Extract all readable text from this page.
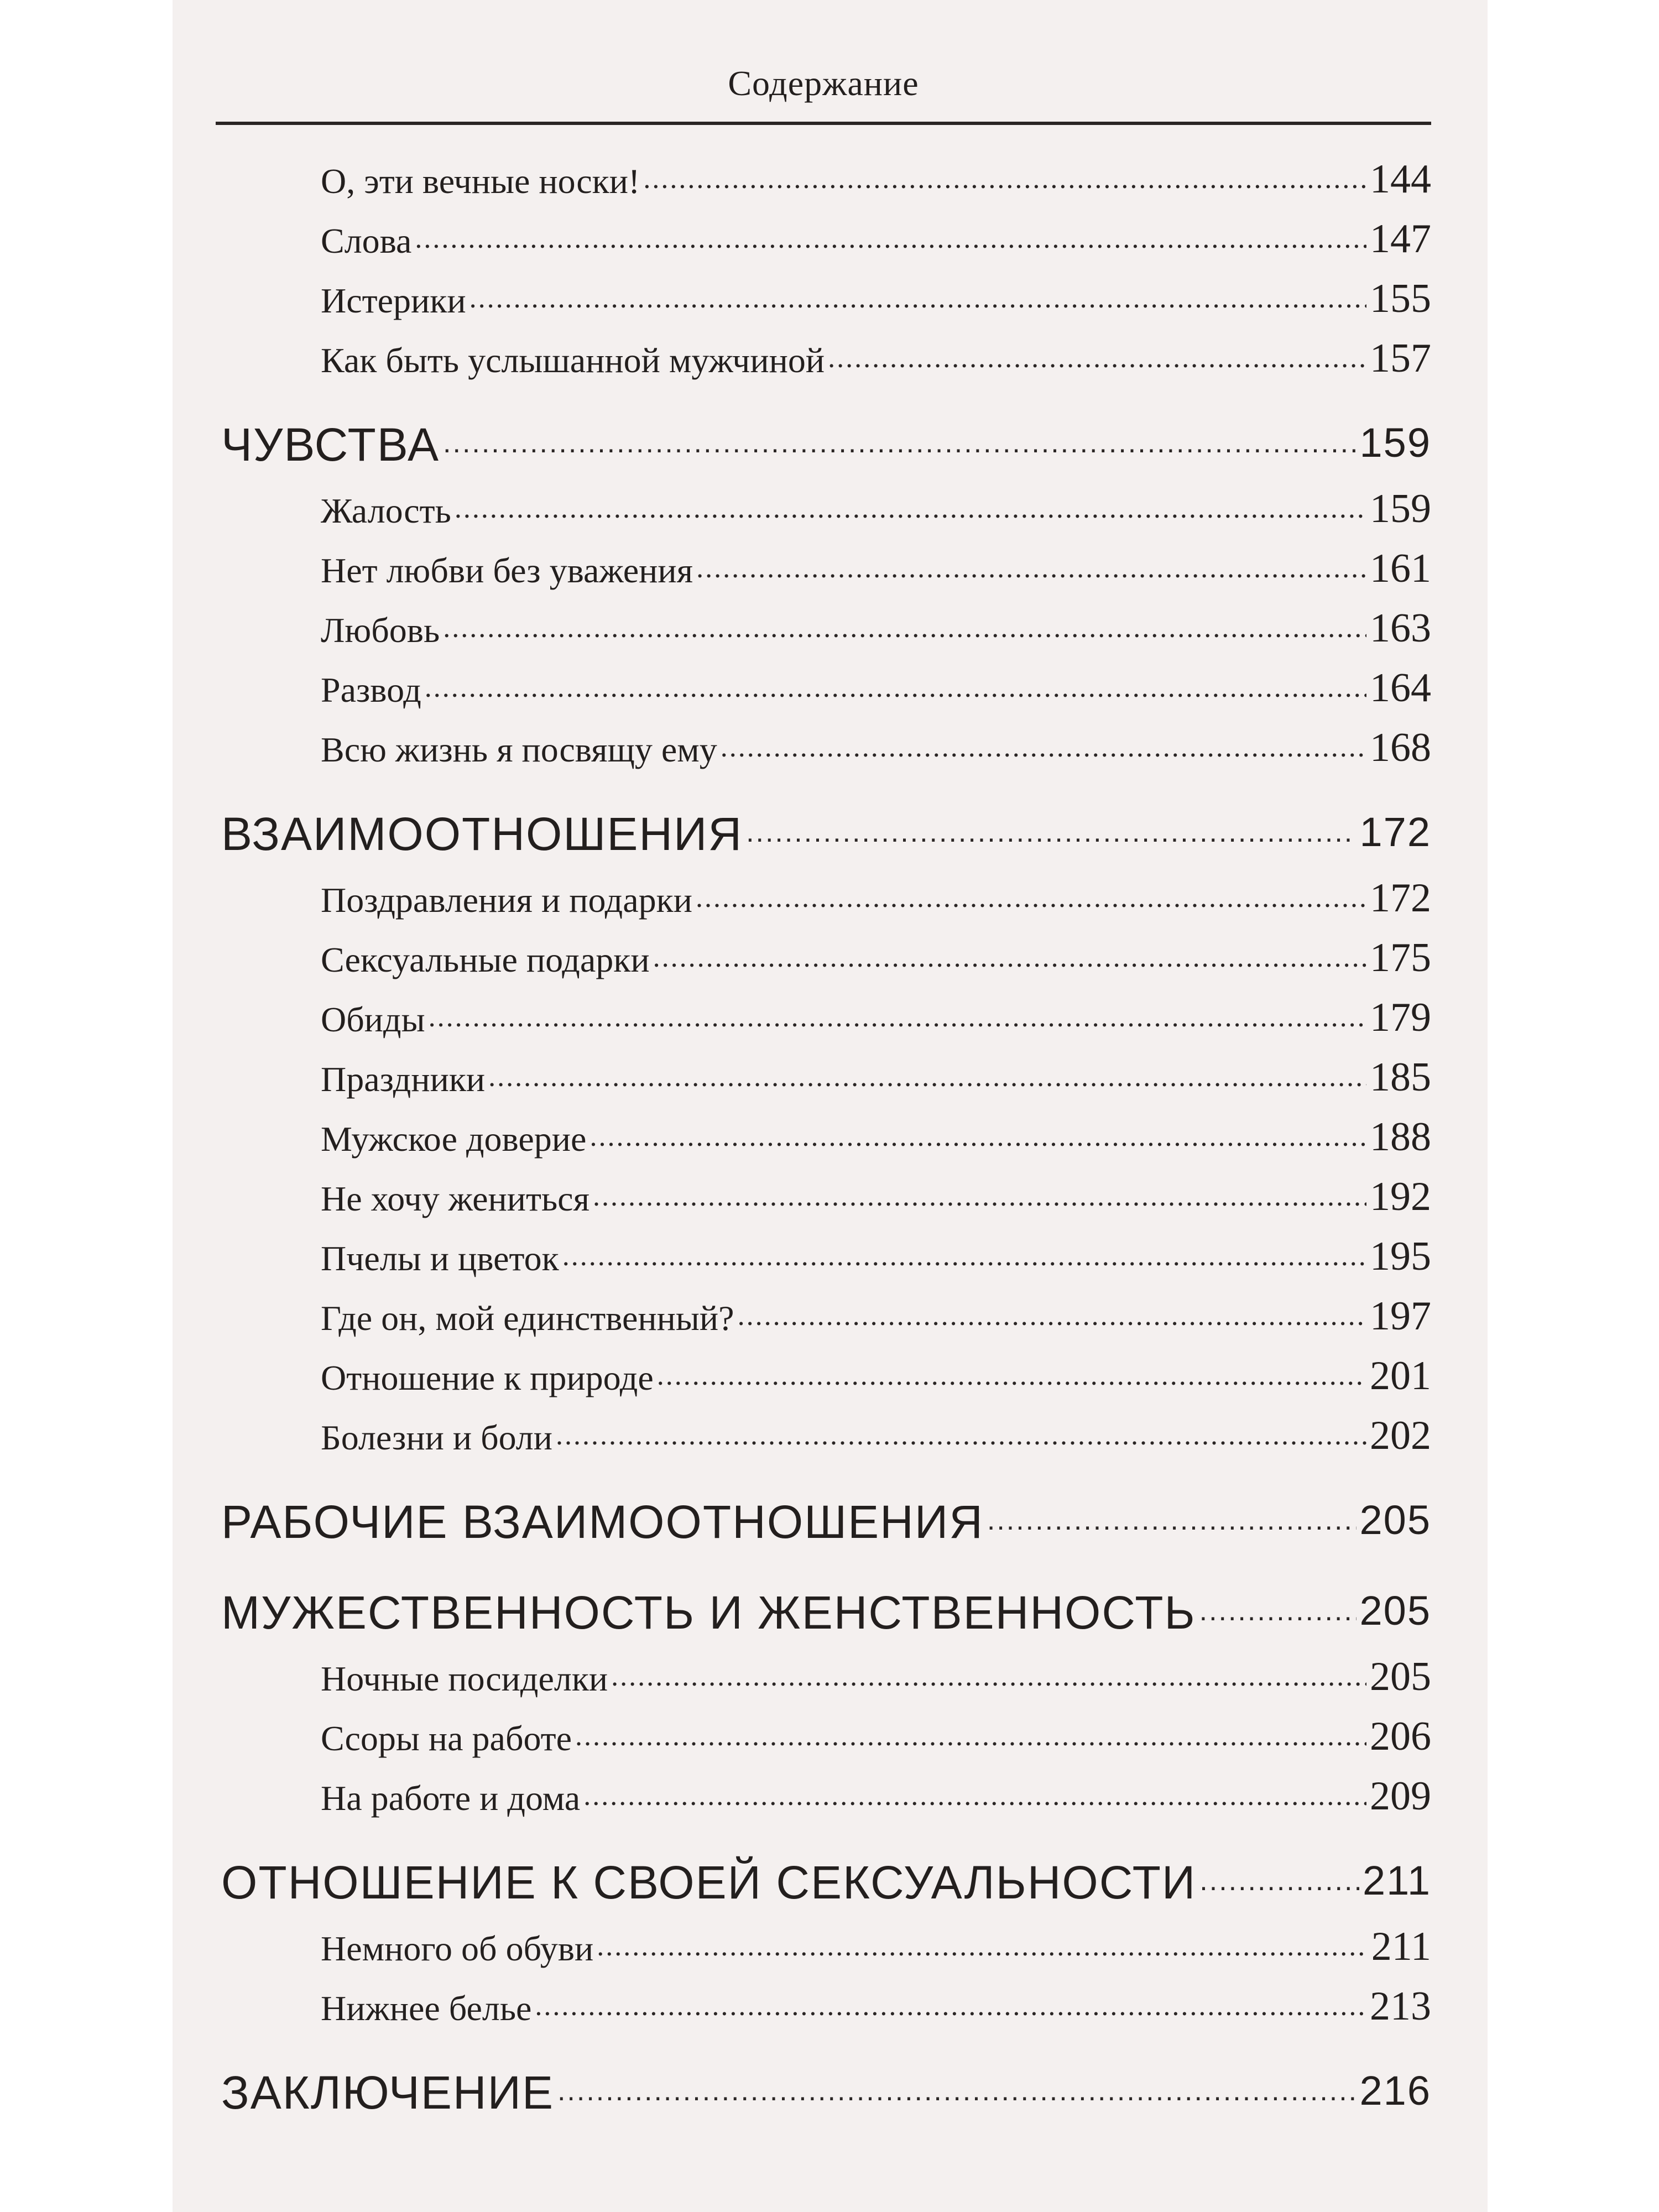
Содержание
О, эти вечные носки! .....	144
Слова .....	147
Истерики .....	155
Как быть услышанной мужчиной .....	157
ЧУВСТВА .....	159
Жалость .....	159
Нет любви без уважения .....	161
Любовь .....	163
Развод .....	164
Всю жизнь я посвящу ему .....	168
ВЗАИМООТНОШЕНИЯ .....	172
Поздравления и подарки .....	172
Сексуальные подарки .....	175
Обиды .....	179
Праздники .....	185
Мужское доверие .....	188
Не хочу жениться .....	192
Пчелы и цветок .....	195
Где он, мой единственный? .....	197
Отношение к природе .....	201
Болезни и боли .....	202
РАБОЧИЕ ВЗАИМООТНОШЕНИЯ .....	205
МУЖЕСТВЕННОСТЬ И ЖЕНСТВЕННОСТЬ .....	205
Ночные посиделки .....	205
Ссоры на работе .....	206
На работе и дома .....	209
ОТНОШЕНИЕ К СВОЕЙ СЕКСУАЛЬНОСТИ .....	211
Немного об обуви .....	211
Нижнее белье .....	213
ЗАКЛЮЧЕНИЕ .....	216
